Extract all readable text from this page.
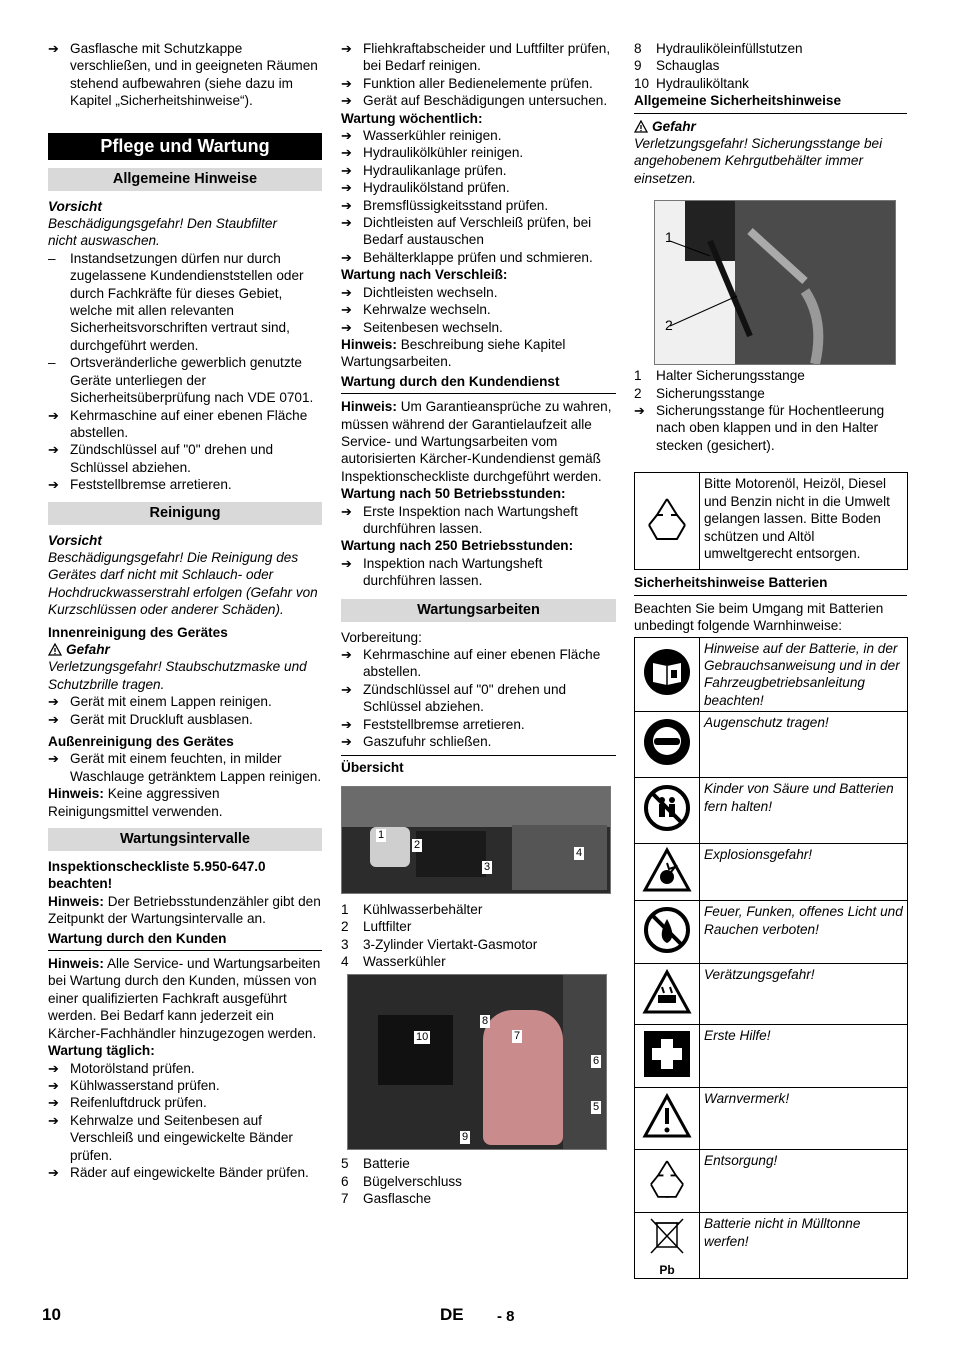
➔ Gasflasche mit Schutzkappe verschließen, und in geeigneten Räumen stehend aufbewahren (siehe dazu im Kapitel „Sicherheitshinweise“).

Pflege und Wartung
Allgemeine Hinweise

Vorsicht

Beschädigungsgefahr! Den Staubfilter nicht auswaschen.

– Instandsetzungen dürfen nur durch zugelassene Kundendienststellen oder durch Fachkräfte für dieses Gebiet, welche mit allen relevanten Sicherheitsvorschriften vertraut sind, durchgeführt werden.

– Ortsveränderliche gewerblich genutzte Geräte unterliegen der Sicherheitsüberprüfung nach VDE 0701.

➔ Kehrmaschine auf einer ebenen Fläche abstellen.

➔ Zündschlüssel auf "0" drehen und Schlüssel abziehen.

➔ Feststellbremse arretieren.

Reinigung

Vorsicht

Beschädigungsgefahr! Die Reinigung des Gerätes darf nicht mit Schlauch- oder Hochdruckwasserstrahl erfolgen (Gefahr von Kurzschlüssen oder anderer Schäden).

Innenreinigung des Gerätes

Gefahr

Verletzungsgefahr! Staubschutzmaske und Schutzbrille tragen.

➔ Gerät mit einem Lappen reinigen.

➔ Gerät mit Druckluft ausblasen.

Außenreinigung des Gerätes

➔ Gerät mit einem feuchten, in milder Waschlauge getränktem Lappen reinigen.

Hinweis: Keine aggressiven Reinigungsmittel verwenden.

Wartungsintervalle

Inspektionscheckliste 5.950-647.0 beachten!

Hinweis: Der Betriebsstundenzähler gibt den Zeitpunkt der Wartungsintervalle an.

Wartung durch den Kunden

Hinweis: Alle Service- und Wartungsarbeiten bei Wartung durch den Kunden, müssen von einer qualifizierten Fachkraft ausgeführt werden. Bei Bedarf kann jederzeit ein Kärcher-Fachhändler hinzugezogen werden.

Wartung täglich:

➔ Motorölstand prüfen.

➔ Kühlwasserstand prüfen.

➔ Reifenluftdruck prüfen.

➔ Kehrwalze und Seitenbesen auf Verschleiß und eingewickelte Bänder prüfen.

➔ Räder auf eingewickelte Bänder prüfen.

➔ Fliehkraftabscheider und Luftfilter prüfen, bei Bedarf reinigen.

➔ Funktion aller Bedienelemente prüfen.

➔ Gerät auf Beschädigungen untersuchen.

Wartung wöchentlich:

➔ Wasserkühler reinigen.

➔ Hydraulikölkühler reinigen.

➔ Hydraulikanlage prüfen.

➔ Hydraulikölstand prüfen.

➔ Bremsflüssigkeitsstand prüfen.

➔ Dichtleisten auf Verschleiß prüfen, bei Bedarf austauschen

➔ Behälterklappe prüfen und schmieren.

Wartung nach Verschleiß:

➔ Dichtleisten wechseln.

➔ Kehrwalze wechseln.

➔ Seitenbesen wechseln.

Hinweis: Beschreibung siehe Kapitel Wartungsarbeiten.

Wartung durch den Kundendienst

Hinweis: Um Garantieansprüche zu wahren, müssen während der Garantielaufzeit alle Service- und Wartungsarbeiten vom autorisierten Kärcher-Kundendienst gemäß Inspektionscheckliste durchgeführt werden.

Wartung nach 50 Betriebsstunden:

➔ Erste Inspektion nach Wartungsheft durchführen lassen.

Wartung nach 250 Betriebsstunden:

➔ Inspektion nach Wartungsheft durchführen lassen.

Wartungsarbeiten

Vorbereitung:

➔ Kehrmaschine auf einer ebenen Fläche abstellen.

➔ Zündschlüssel auf "0" drehen und Schlüssel abziehen.

➔ Feststellbremse arretieren.

➔ Gaszufuhr schließen.

Übersicht
1
2
3
4

1	Kühlwasserbehälter

2	Luftfilter

3	3-Zylinder Viertakt-Gasmotor

4	Wasserkühler

10
8
7
6
5
9

5	Batterie

6	Bügelverschluss

7	Gasflasche

8	Hydrauliköleinfüllstutzen

9	Schauglas

10 Hydrauliköltank

Allgemeine Sicherheitshinweise
Gefahr

Verletzungsgefahr! Sicherungsstange bei angehobenem Kehrgutbehälter immer einsetzen.

1
2

1	Halter Sicherungsstange

2	Sicherungsstange

➔ Sicherungsstange für Hochentleerung nach oben klappen und in den Halter stecken (gesichert).

	Bitte Motorenöl, Heizöl, Diesel und Benzin nicht in die Umwelt gelangen lassen. Bitte Boden schützen und Altöl umweltgerecht entsorgen.
Sicherheitshinweise Batterien

Beachten Sie beim Umgang mit Batterien unbedingt folgende Warnhinweise:

	Hinweise auf der Batterie, in der Gebrauchsanweisung und in der Fahrzeugbetriebsanleitung beachten!
	Augenschutz tragen!
	Kinder von Säure und Batterien fern halten!
	Explosionsgefahr!
	Feuer, Funken, offenes Licht und Rauchen verboten!
	Verätzungsgefahr!
	Erste Hilfe!
	Warnvermerk!
	Entsorgung!

Pb	Batterie nicht in Mülltonne werfen!
10	DE - 8
